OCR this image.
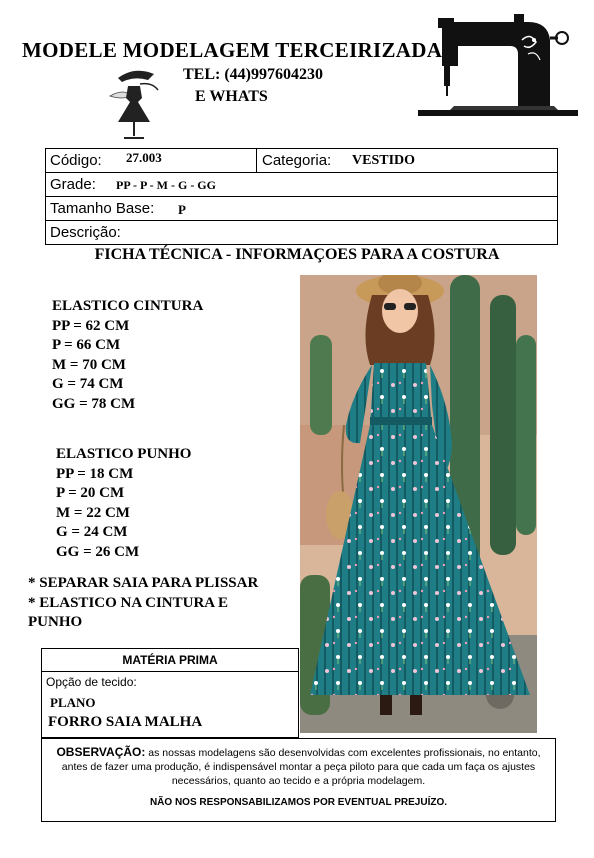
MODELE MODELAGEM TERCEIRIZADA
TEL: (44)997604230
E WHATS
Código: 27.003	Categoria: VESTIDO
Grade: PP - P - M - G - GG
Tamanho Base: P
Descrição:
FICHA TÉCNICA - INFORMAÇOES PARA A COSTURA
ELASTICO CINTURA
PP = 62 CM
P = 66 CM
M = 70 CM
G = 74 CM
GG = 78 CM
ELASTICO PUNHO
PP = 18 CM
P = 20 CM
M = 22 CM
G = 24 CM
GG = 26 CM
* SEPARAR SAIA PARA PLISSAR
* ELASTICO NA CINTURA E
PUNHO
MATÉRIA PRIMA
Opção de tecido:
PLANO
FORRO SAIA MALHA
OBSERVAÇÃO: as nossas modelagens são desenvolvidas com excelentes profissionais, no entanto, antes de fazer uma produção, é indispensável montar a peça piloto para que cada um faça os ajustes necessários, quanto ao tecido e a própria modelagem.
NÃO NOS RESPONSABILIZAMOS POR EVENTUAL PREJUÍZO.
